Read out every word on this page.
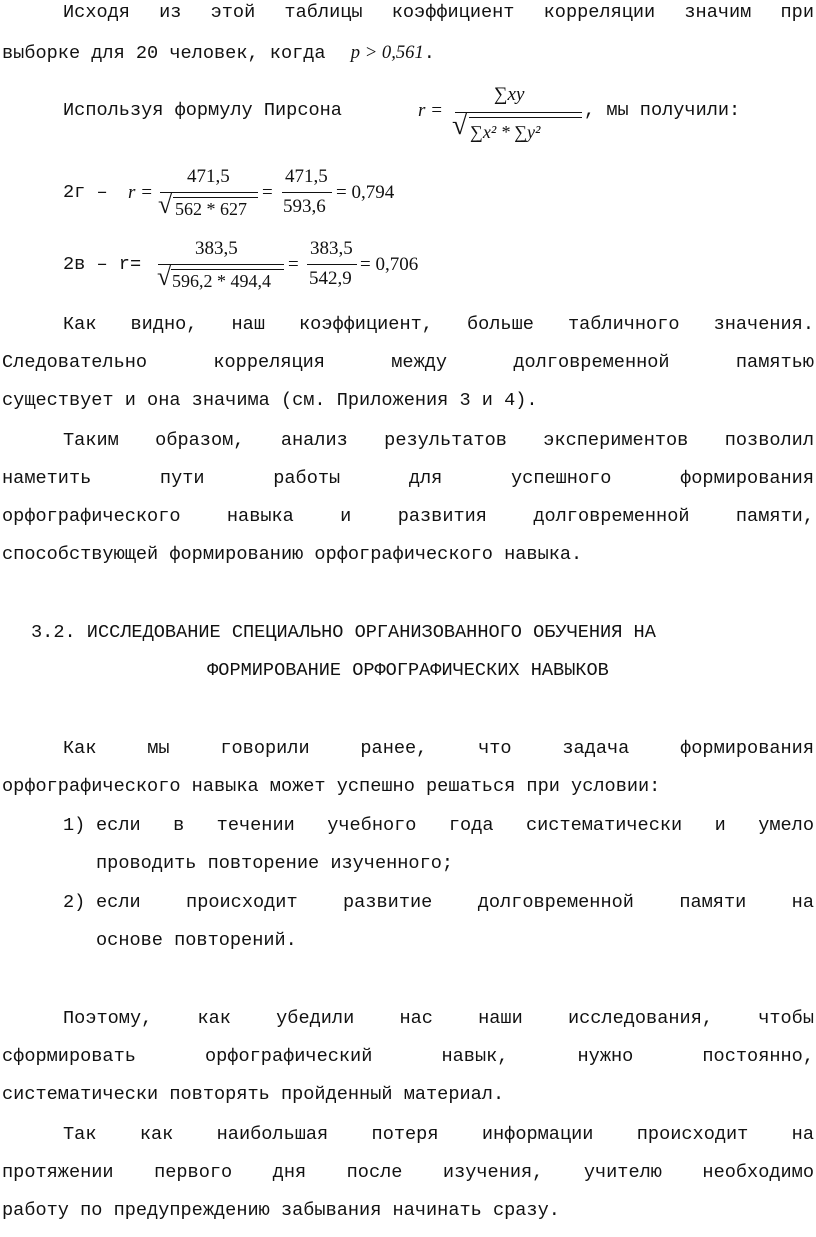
Исходя из этой таблицы коэффициент корреляции значим при
выборке для 20 человек, когда p > 0,561.
Используя формулу Пирсона	r =
∑xy
√ ∑x² * ∑y²
, мы получили:
2г – r =
471,5
√ 562 * 627
=
471,5
593,6
= 0,794
2в – r=
383,5
√ 596,2 * 494,4
=
383,5
542,9
= 0,706
Как видно, наш коэффициент, больше табличного значения.
Следовательно корреляция между долговременной памятью
существует и она значима (см. Приложения 3 и 4).
Таким образом, анализ результатов экспериментов позволил
наметить пути работы для успешного формирования
орфографического навыка и развития долговременной памяти,
способствующей формированию орфографического навыка.
3.2. ИССЛЕДОВАНИЕ СПЕЦИАЛЬНО ОРГАНИЗОВАННОГО ОБУЧЕНИЯ НА
ФОРМИРОВАНИЕ ОРФОГРАФИЧЕСКИХ НАВЫКОВ
Как мы говорили ранее, что задача формирования
орфографического навыка может успешно решаться при условии:
1) если в течении учебного года систематически и умело
проводить повторение изученного;
2) если происходит развитие долговременной памяти на
основе повторений.
Поэтому, как убедили нас наши исследования, чтобы
сформировать орфографический навык, нужно постоянно,
систематически повторять пройденный материал.
Так как наибольшая потеря информации происходит на
протяжении первого дня после изучения, учителю необходимо
работу по предупреждению забывания начинать сразу.
